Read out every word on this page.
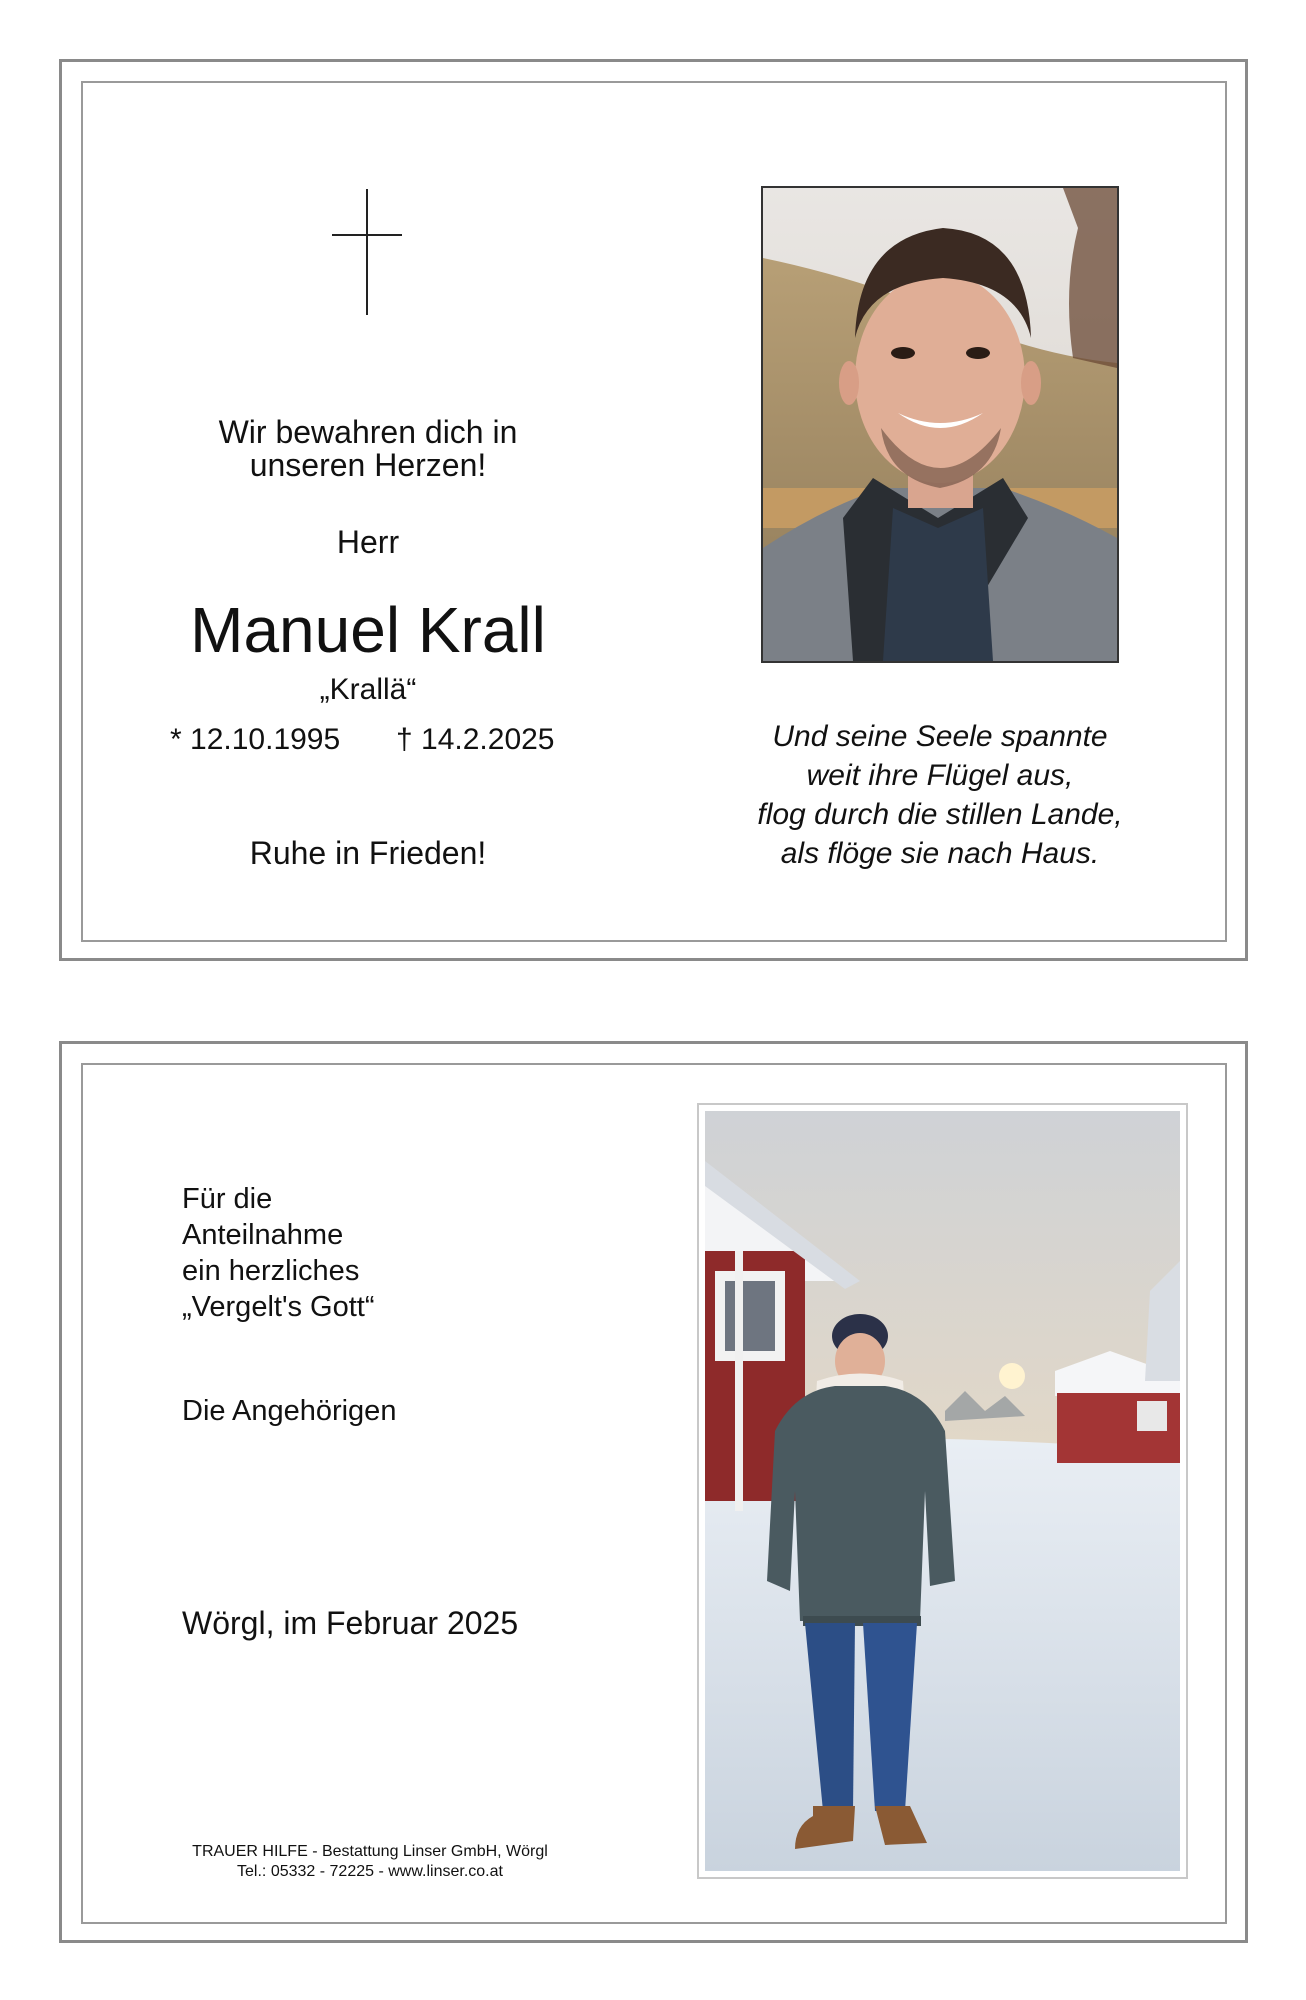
Wir bewahren dich in
unseren Herzen!
Herr
Manuel Krall
„Krallä“
* 12.10.1995 † 14.2.2025
Ruhe in Frieden!
Und seine Seele spannte
weit ihre Flügel aus,
flog durch die stillen Lande,
als flöge sie nach Haus.
Für die
Anteilnahme
ein herzliches
„Vergelt's Gott“
Die Angehörigen
Wörgl, im Februar 2025
TRAUER HILFE - Bestattung Linser GmbH, Wörgl
Tel.: 05332 - 72225 - www.linser.co.at
